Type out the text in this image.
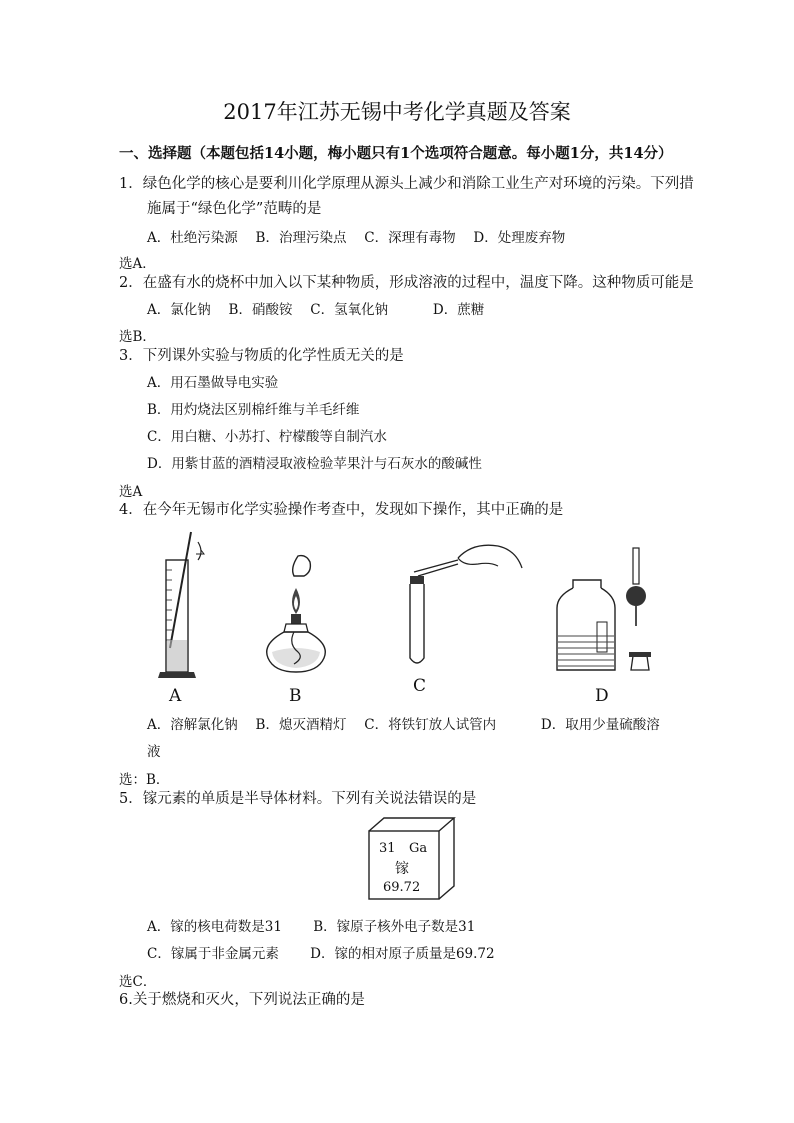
2017年江苏无锡中考化学真题及答案
一、选择题（本题包括14小题，梅小题只有1个选项符合题意。每小题1分，共14分）
1．绿色化学的核心是要利川化学原理从源头上减少和消除工业生产对环境的污染。下列措
施属于“绿色化学”范畴的是
A．杜绝污染源　 B．治理污染点　 C．深理有毒物　 D．处理废弃物
选A．
2．在盛有水的烧杯中加入以下某种物质，形成溶液的过程中，温度下降。这种物质可能是
A．氯化钠　 B．硝酸铵　 C．氢氧化钠　　　 D．蔗糖
选B．
3．下列课外实验与物质的化学性质无关的是
A．用石墨做导电实验
B．用灼烧法区别棉纤维与羊毛纤维
C．用白糖、小苏打、柠檬酸等自制汽水
D．用紫甘蓝的酒精浸取液检验苹果汁与石灰水的酸碱性
选A
4．在今年无锡市化学实验操作考查中，发现如下操作，其中正确的是
A	B	C	D
A．溶解氯化钠　 B．熄灭酒精灯　 C．将铁钉放人试管内　　　 D．取用少量硫酸溶
液
选：B．
5．镓元素的单质是半导体材料。下列有关说法错误的是
31 Ga
镓
69.72
A．镓的核电荷数是31　　 B．镓原子核外电子数是31
C．镓属于非金属元素　　 D．镓的相对原子质量是69.72
选C．
6.关于燃烧和灭火，下列说法正确的是
